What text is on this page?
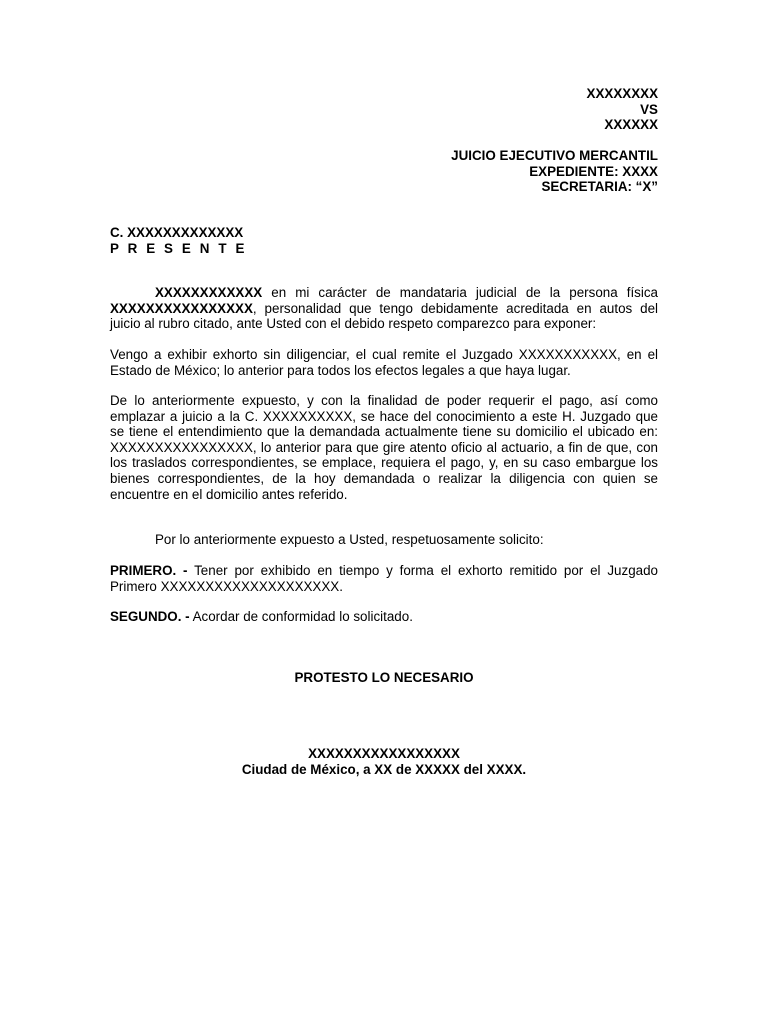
XXXXXXXX
VS
XXXXXX
JUICIO EJECUTIVO MERCANTIL
EXPEDIENTE: XXXX
SECRETARIA: “X”
C. XXXXXXXXXXXXX
P R E S E N T E
XXXXXXXXXXXX en mi carácter de mandataria judicial de la persona física XXXXXXXXXXXXXXXX, personalidad que tengo debidamente acreditada en autos del juicio al rubro citado, ante Usted con el debido respeto comparezco para exponer:
Vengo a exhibir exhorto sin diligenciar, el cual remite el Juzgado XXXXXXXXXXX, en el Estado de México; lo anterior para todos los efectos legales a que haya lugar.
De lo anteriormente expuesto, y con la finalidad de poder requerir el pago, así como emplazar a juicio a la C. XXXXXXXXXX, se hace del conocimiento a este H. Juzgado que se tiene el entendimiento que la demandada actualmente tiene su domicilio el ubicado en: XXXXXXXXXXXXXXXX, lo anterior para que gire atento oficio al actuario, a fin de que, con los traslados correspondientes, se emplace, requiera el pago, y, en su caso embargue los bienes correspondientes, de la hoy demandada o realizar la diligencia con quien se encuentre en el domicilio antes referido.
Por lo anteriormente expuesto a Usted, respetuosamente solicito:
PRIMERO. - Tener por exhibido en tiempo y forma el exhorto remitido por el Juzgado Primero XXXXXXXXXXXXXXXXXXXX.
SEGUNDO. - Acordar de conformidad lo solicitado.
PROTESTO LO NECESARIO
XXXXXXXXXXXXXXXXX
Ciudad de México, a XX de XXXXX del XXXX.
